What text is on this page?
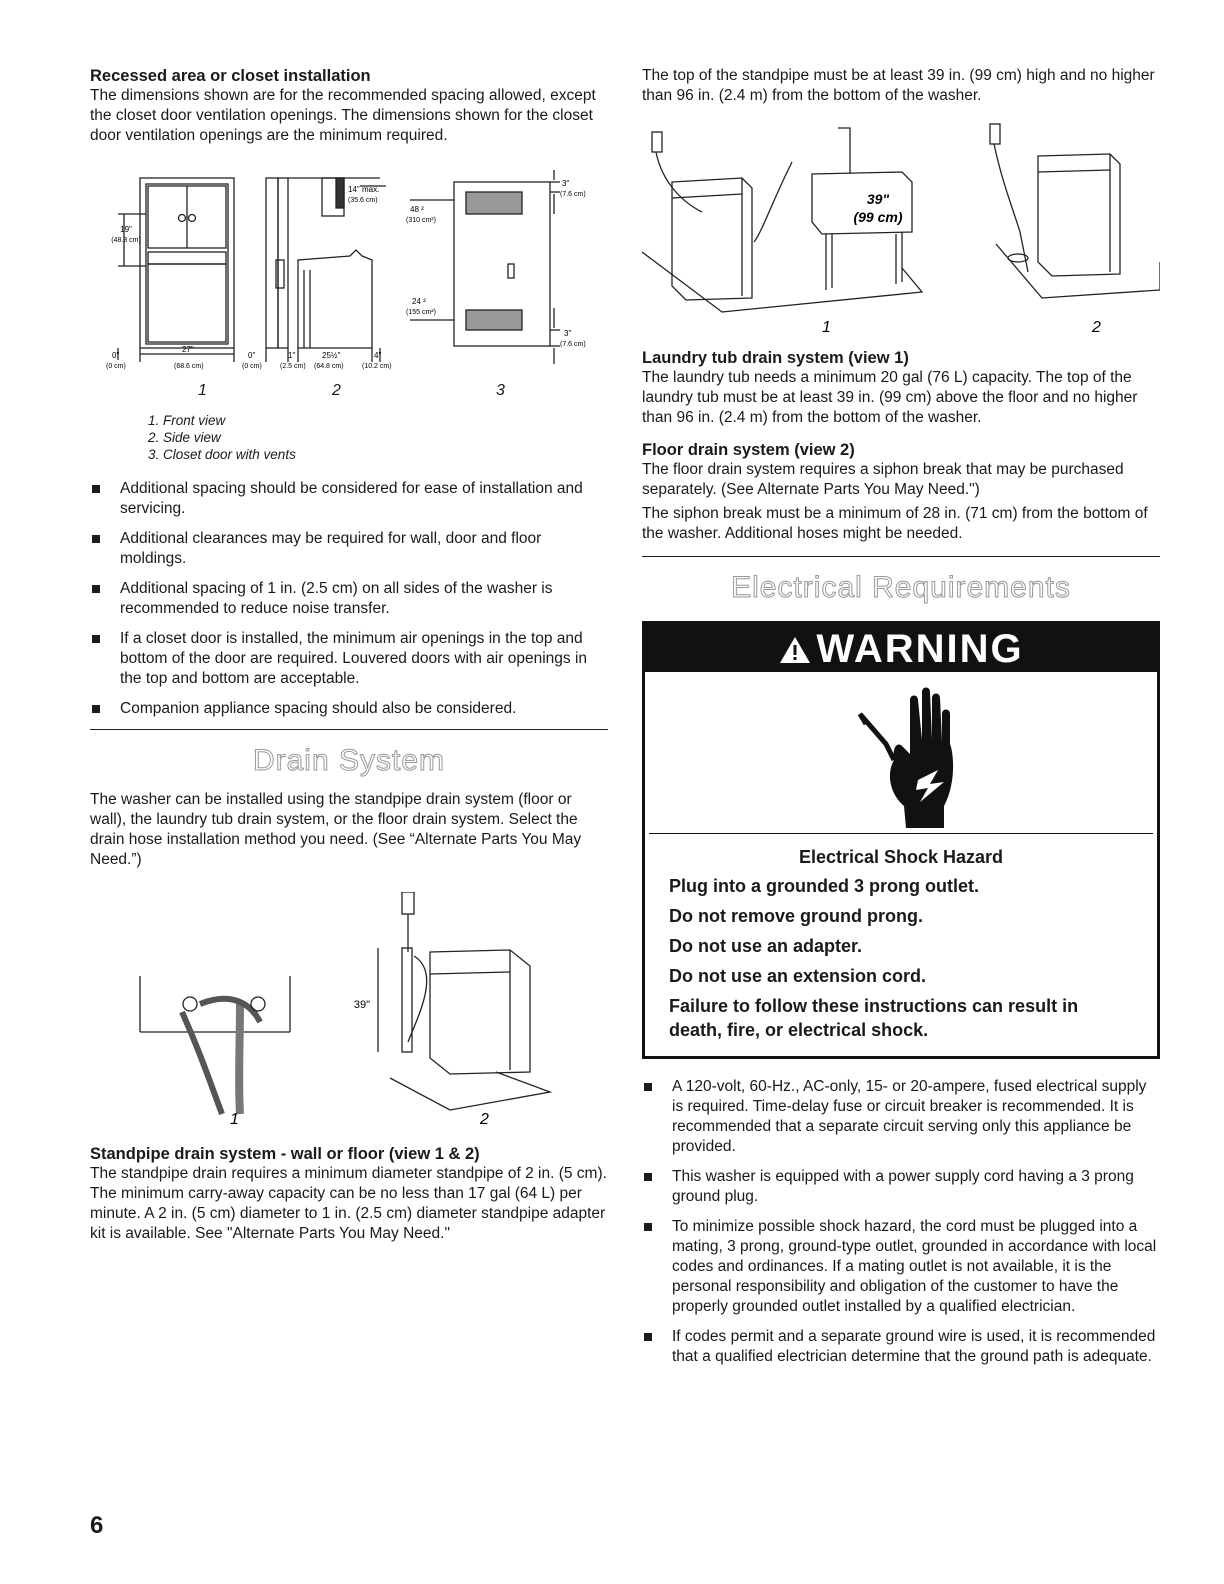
Recessed area or closet installation

The dimensions shown are for the recommended spacing allowed, except the closet door ventilation openings. The dimensions shown for the closet door ventilation openings are the minimum required.

19"
(48.3 cm)
14" max.
(35.6 cm)
48 ²
(310 cm²)
24 ²
(155 cm²)
3"
(7.6 cm)
3"
(7.6 cm)
0"
(0 cm)
27"
(68.6 cm)
0"
(0 cm)
1"
(2.5 cm)
25½"
(64.8 cm)
4"
(10.2 cm)
1	2	3
1. Front view
2. Side view
3. Closet door with vents
Additional spacing should be considered for ease of installation and servicing.
Additional clearances may be required for wall, door and floor moldings.
Additional spacing of 1 in. (2.5 cm) on all sides of the washer is recommended to reduce noise transfer.
If a closet door is installed, the minimum air openings in the top and bottom of the door are required. Louvered doors with air openings in the top and bottom are acceptable.
Companion appliance spacing should also be considered.
Drain System

The washer can be installed using the standpipe drain system (floor or wall), the laundry tub drain system, or the floor drain system. Select the drain hose installation method you need. (See “Alternate Parts You May Need.”)

39"
1	2
Standpipe drain system - wall or floor (view 1 & 2)

The standpipe drain requires a minimum diameter standpipe of 2 in. (5 cm). The minimum carry-away capacity can be no less than 17 gal (64 L) per minute. A 2 in. (5 cm) diameter to 1 in. (2.5 cm) diameter standpipe adapter kit is available. See "Alternate Parts You May Need."

The top of the standpipe must be at least 39 in. (99 cm) high and no higher than 96 in. (2.4 m) from the bottom of the washer.

39"
(99 cm)
1	2
Laundry tub drain system (view 1)

The laundry tub needs a minimum 20 gal (76 L) capacity. The top of the laundry tub must be at least 39 in. (99 cm) above the floor and no higher than 96 in. (2.4 m) from the bottom of the washer.

Floor drain system (view 2)

The floor drain system requires a siphon break that may be purchased separately. (See Alternate Parts You May Need.")

The siphon break must be a minimum of 28 in. (71 cm) from the bottom of the washer. Additional hoses might be needed.

Electrical Requirements
WARNING
Electrical Shock Hazard
Plug into a grounded 3 prong outlet.
Do not remove ground prong.
Do not use an adapter.
Do not use an extension cord.
Failure to follow these instructions can result in death, fire, or electrical shock.
A 120-volt, 60-Hz., AC-only, 15- or 20-ampere, fused electrical supply is required. Time-delay fuse or circuit breaker is recommended. It is recommended that a separate circuit serving only this appliance be provided.
This washer is equipped with a power supply cord having a 3 prong ground plug.
To minimize possible shock hazard, the cord must be plugged into a mating, 3 prong, ground-type outlet, grounded in accordance with local codes and ordinances. If a mating outlet is not available, it is the personal responsibility and obligation of the customer to have the properly grounded outlet installed by a qualified electrician.
If codes permit and a separate ground wire is used, it is recommended that a qualified electrician determine that the ground path is adequate.
6
